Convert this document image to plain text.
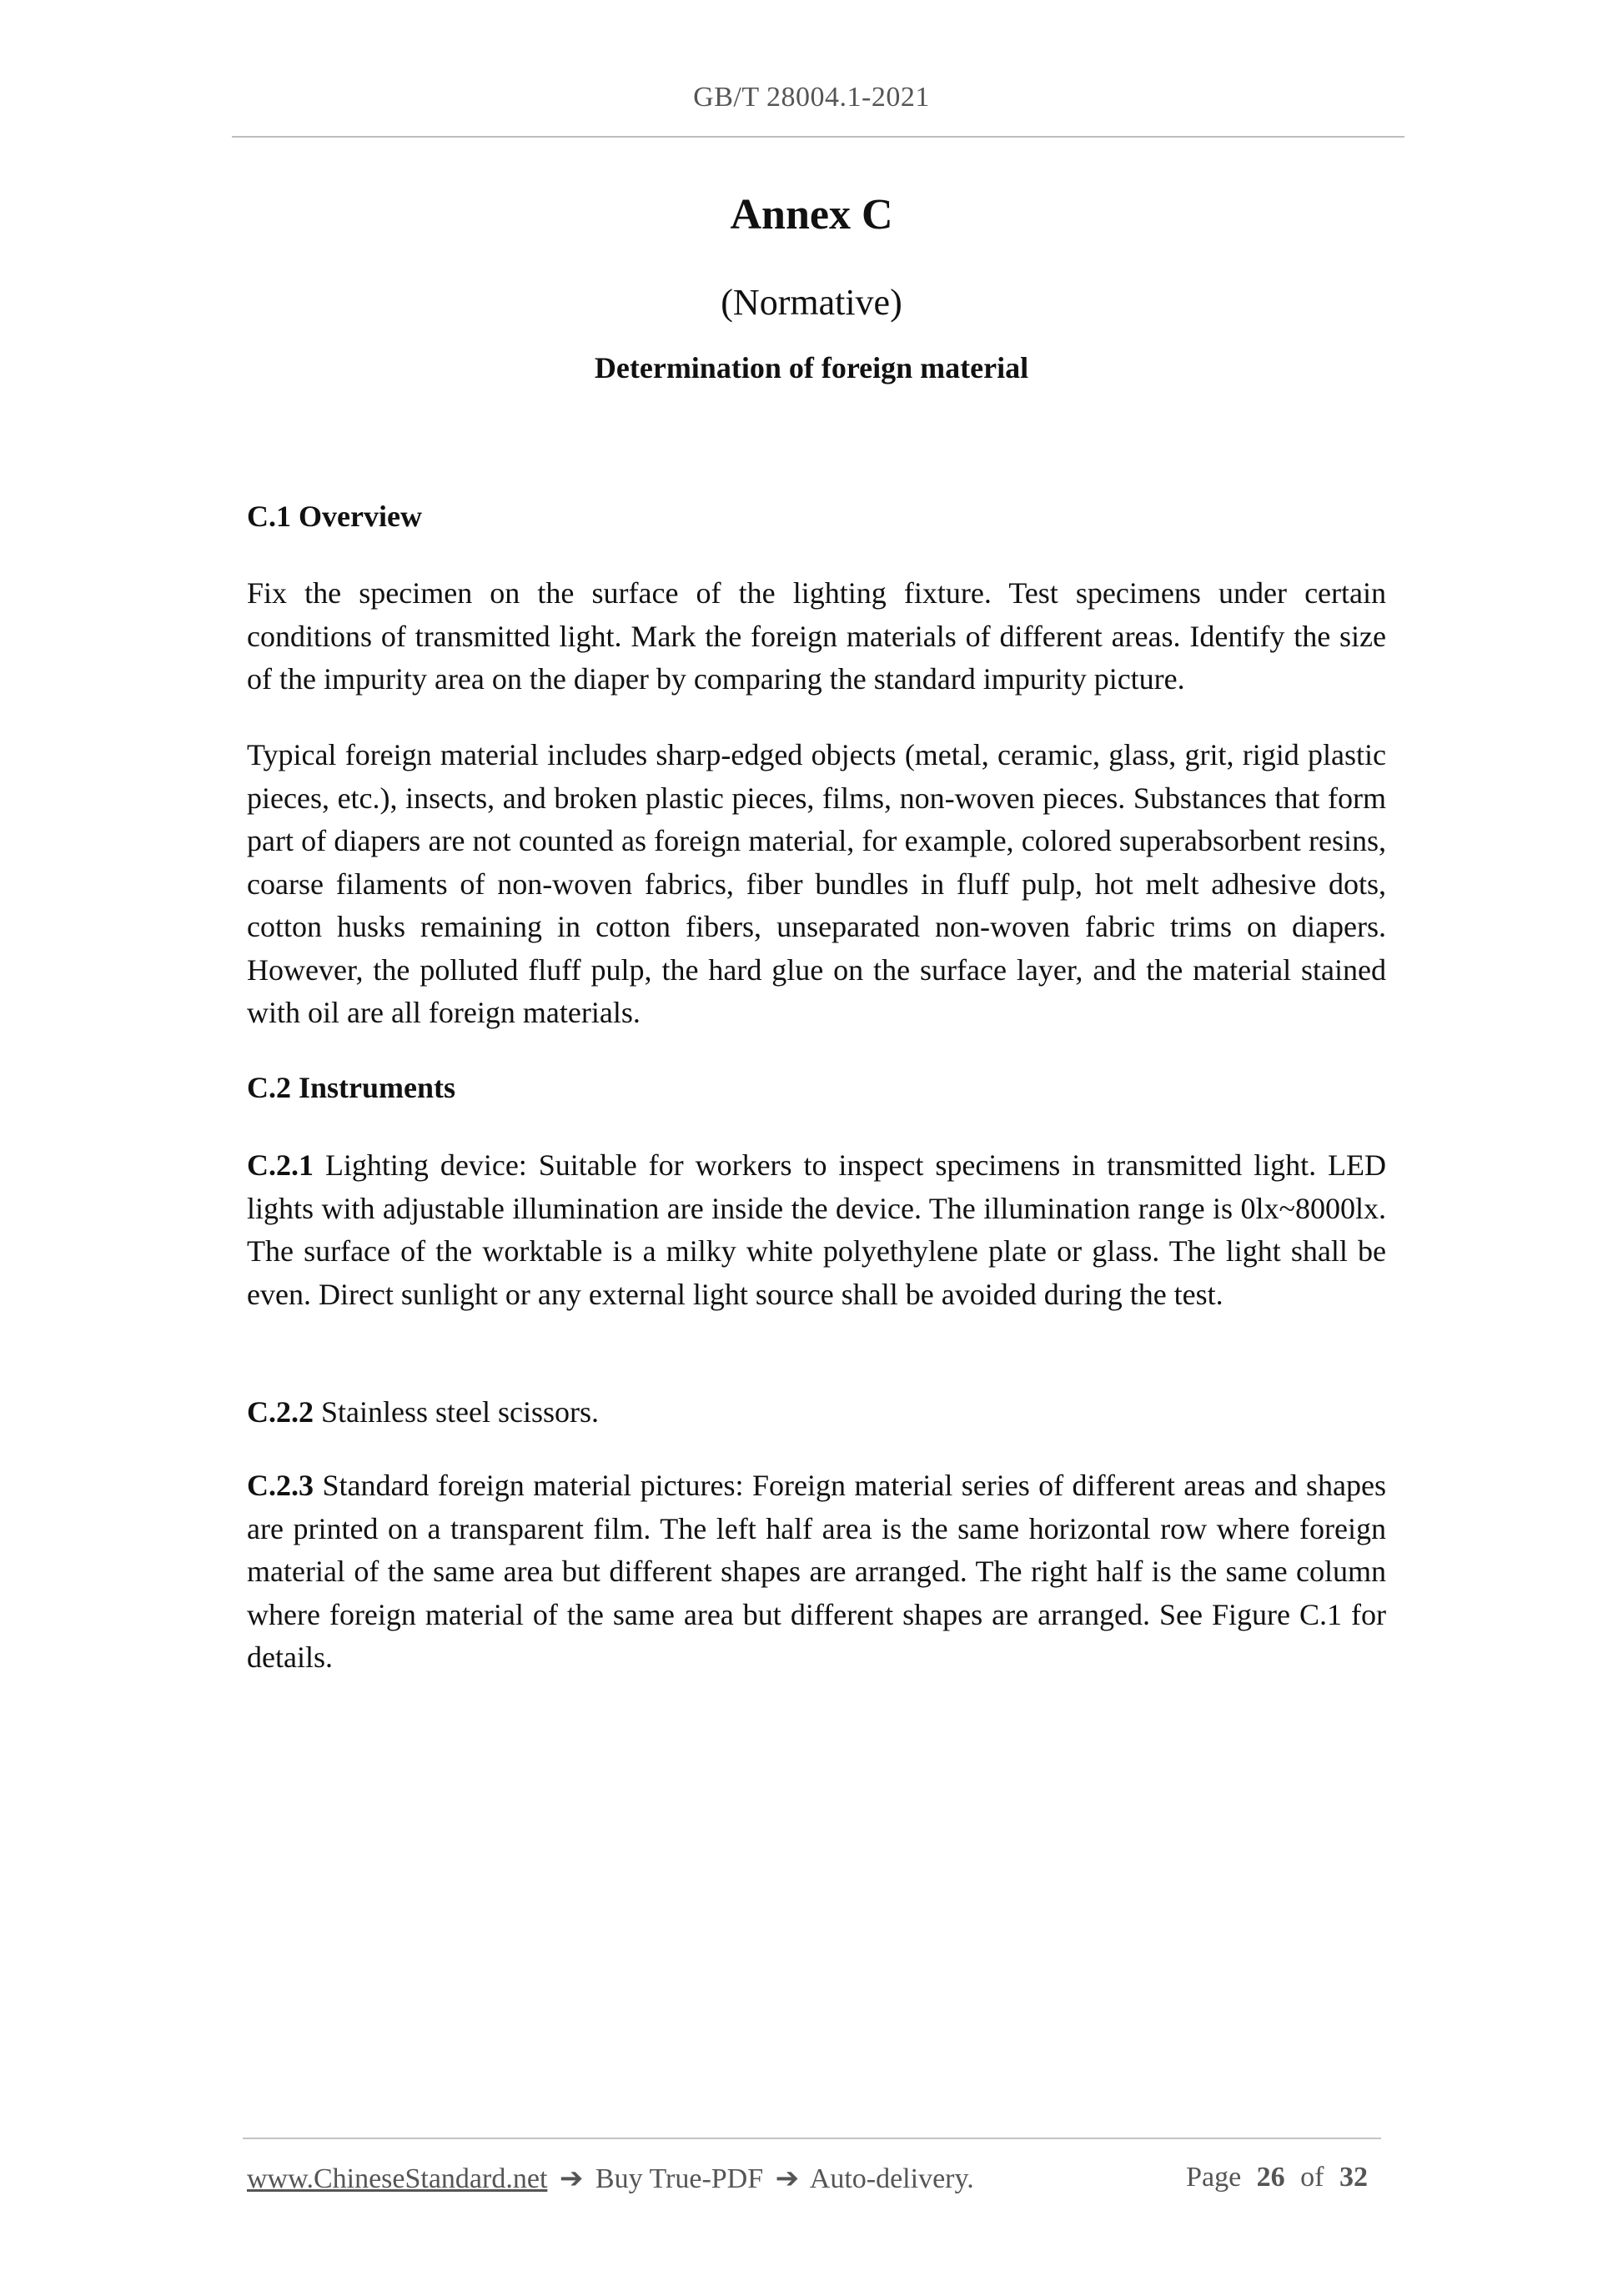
GB/T 28004.1-2021
Annex C
(Normative)
Determination of foreign material
C.1 Overview

Fix the specimen on the surface of the lighting fixture. Test specimens under certain conditions of transmitted light. Mark the foreign materials of different areas. Identify the size of the impurity area on the diaper by comparing the standard impurity picture.

Typical foreign material includes sharp-edged objects (metal, ceramic, glass, grit, rigid plastic pieces, etc.), insects, and broken plastic pieces, films, non-woven pieces. Substances that form part of diapers are not counted as foreign material, for example, colored superabsorbent resins, coarse filaments of non-woven fabrics, fiber bundles in fluff pulp, hot melt adhesive dots, cotton husks remaining in cotton fibers, unseparated non-woven fabric trims on diapers. However, the polluted fluff pulp, the hard glue on the surface layer, and the material stained with oil are all foreign materials.

C.2 Instruments

C.2.1 Lighting device: Suitable for workers to inspect specimens in transmitted light. LED lights with adjustable illumination are inside the device. The illumination range is 0lx~8000lx. The surface of the worktable is a milky white polyethylene plate or glass. The light shall be even. Direct sunlight or any external light source shall be avoided during the test.

C.2.2 Stainless steel scissors.

C.2.3 Standard foreign material pictures: Foreign material series of different areas and shapes are printed on a transparent film. The left half area is the same horizontal row where foreign material of the same area but different shapes are arranged. The right half is the same column where foreign material of the same area but different shapes are arranged. See Figure C.1 for details.

www.ChineseStandard.net ➔ Buy True-PDF ➔ Auto-delivery.	Page 26 of 32
